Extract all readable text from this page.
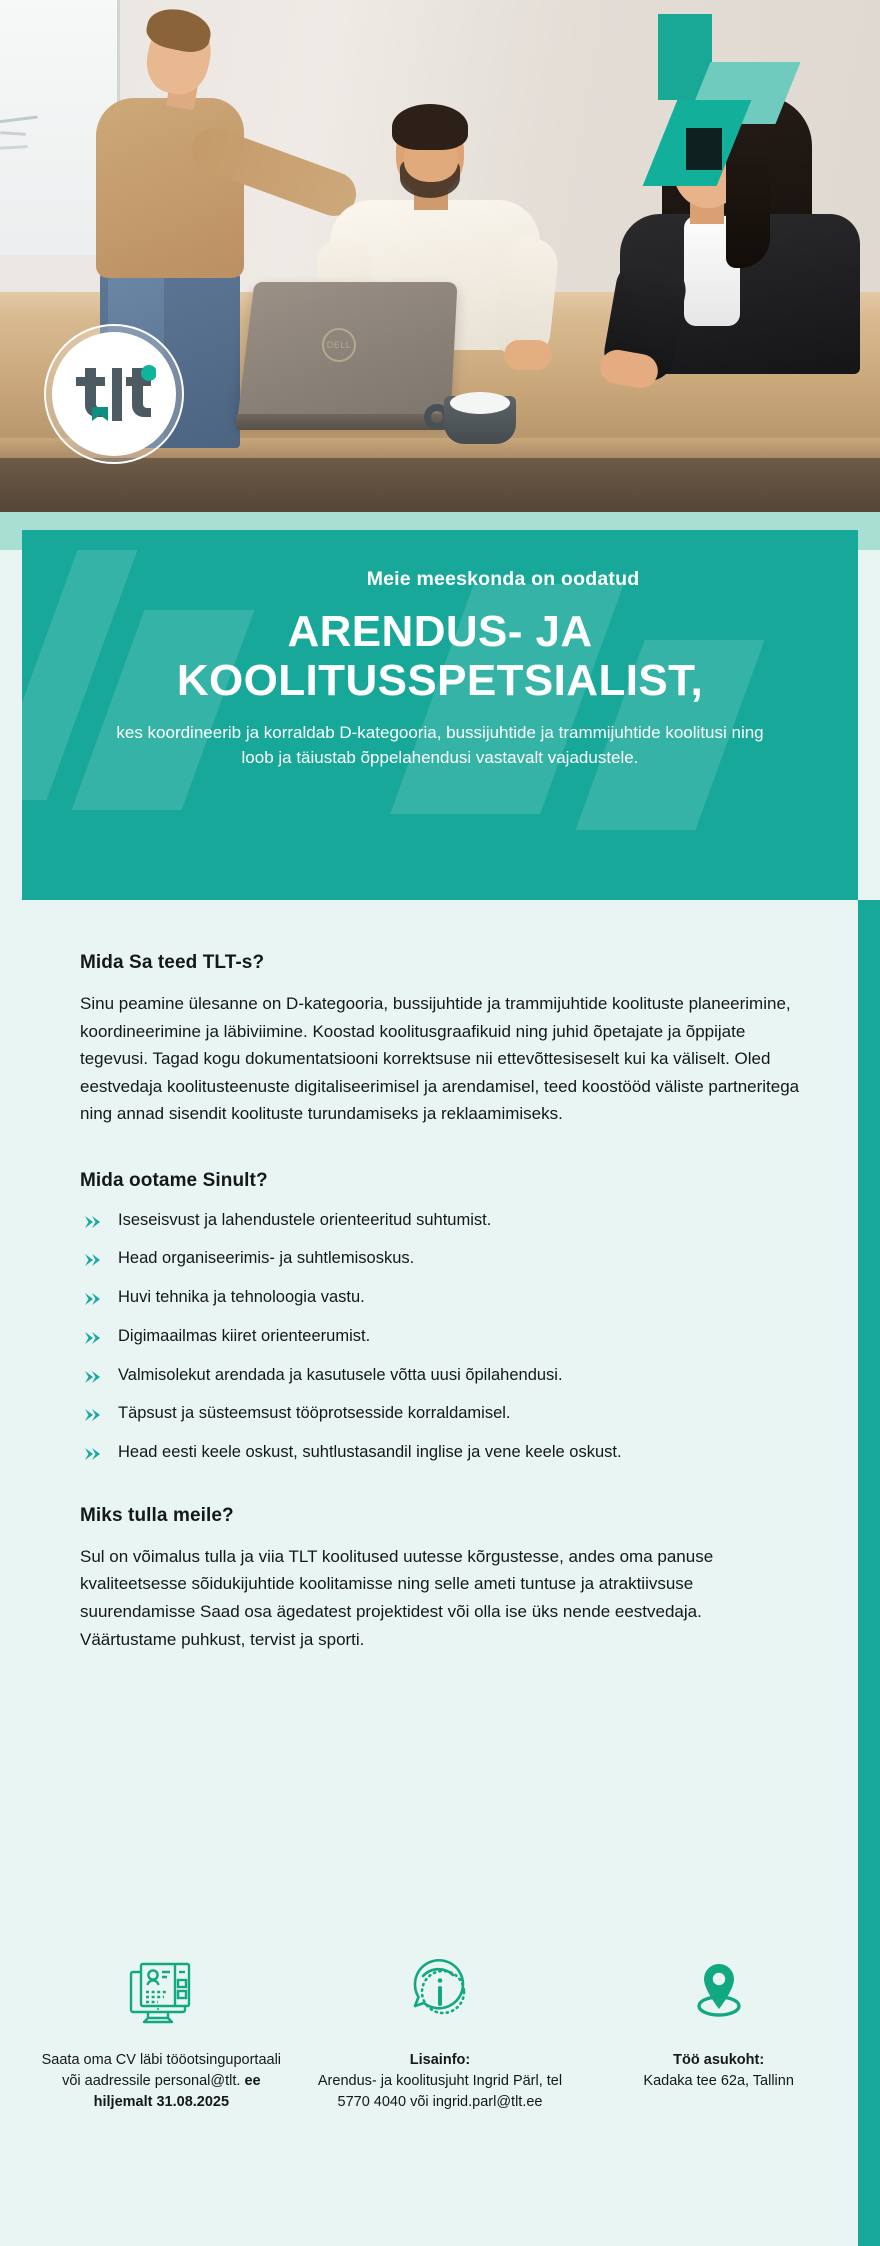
DELL
Meie meeskonda on oodatud
ARENDUS- JA KOOLITUSSPETSIALIST,
kes koordineerib ja korraldab D-kategooria, bussijuhtide ja trammijuhtide koolitusi ning loob ja täiustab õppelahendusi vastavalt vajadustele.
Mida Sa teed TLT-s?

Sinu peamine ülesanne on D-kategooria, bussijuhtide ja trammijuhtide koolituste planeerimine, koordineerimine ja läbiviimine. Koostad koolitusgraafikuid ning juhid õpetajate ja õppijate tegevusi. Tagad kogu dokumentatsiooni korrektsuse nii ettevõttesiseselt kui ka väliselt. Oled eestvedaja koolitusteenuste digitaliseerimisel ja arendamisel, teed koostööd väliste partneritega ning annad sisendit koolituste turundamiseks ja reklaamimiseks.

Mida ootame Sinult?
Iseseisvust ja lahendustele orienteeritud suhtumist.
Head organiseerimis- ja suhtlemisoskus.
Huvi tehnika ja tehnoloogia vastu.
Digimaailmas kiiret orienteerumist.
Valmisolekut arendada ja kasutusele võtta uusi õpilahendusi.
Täpsust ja süsteemsust tööprotsesside korraldamisel.
Head eesti keele oskust, suhtlustasandil inglise ja vene keele oskust.
Miks tulla meile?

Sul on võimalus tulla ja viia TLT koolitused uutesse kõrgustesse, andes oma panuse kvaliteetsesse sõidukijuhtide koolitamisse ning selle ameti tuntuse ja atraktiivsuse suurendamisse Saad osa ägedatest projektidest või olla ise üks nende eestvedaja. Väärtustame puhkust, tervist ja sporti.

Saata oma CV läbi tööotsinguportaali või aadressile personal@tlt. ee hiljemalt 31.08.2025
Lisainfo:
Arendus- ja koolitusjuht Ingrid Pärl, tel 5770 4040 või ingrid.parl@tlt.ee
Töö asukoht:
Kadaka tee 62a, Tallinn
